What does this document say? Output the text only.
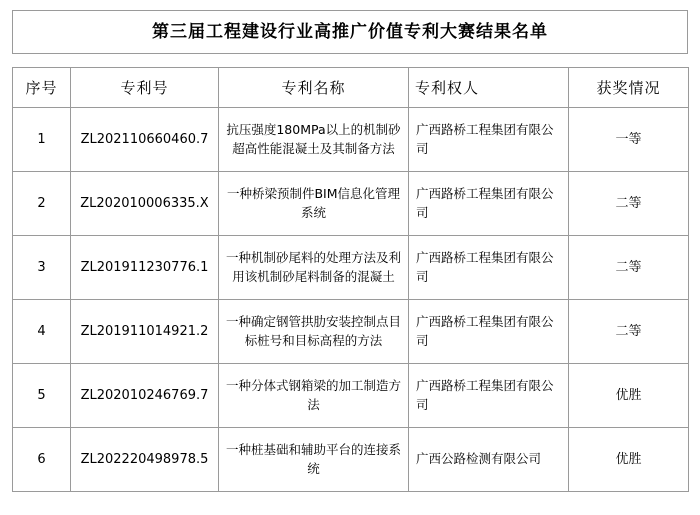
第三届工程建设行业高推广价值专利大赛结果名单
序号	专利号	专利名称	专利权人	获奖情况
1	ZL202110660460.7	抗压强度180MPa以上的机制砂超高性能混凝土及其制备方法	广西路桥工程集团有限公司	一等
2	ZL202010006335.X	一种桥梁预制件BIM信息化管理系统	广西路桥工程集团有限公司	二等
3	ZL201911230776.1	一种机制砂尾料的处理方法及利用该机制砂尾料制备的混凝土	广西路桥工程集团有限公司	二等
4	ZL201911014921.2	一种确定钢管拱肋安装控制点目标桩号和目标高程的方法	广西路桥工程集团有限公司	二等
5	ZL202010246769.7	一种分体式钢箱梁的加工制造方法	广西路桥工程集团有限公司	优胜
6	ZL202220498978.5	一种桩基础和辅助平台的连接系统	广西公路检测有限公司	优胜
